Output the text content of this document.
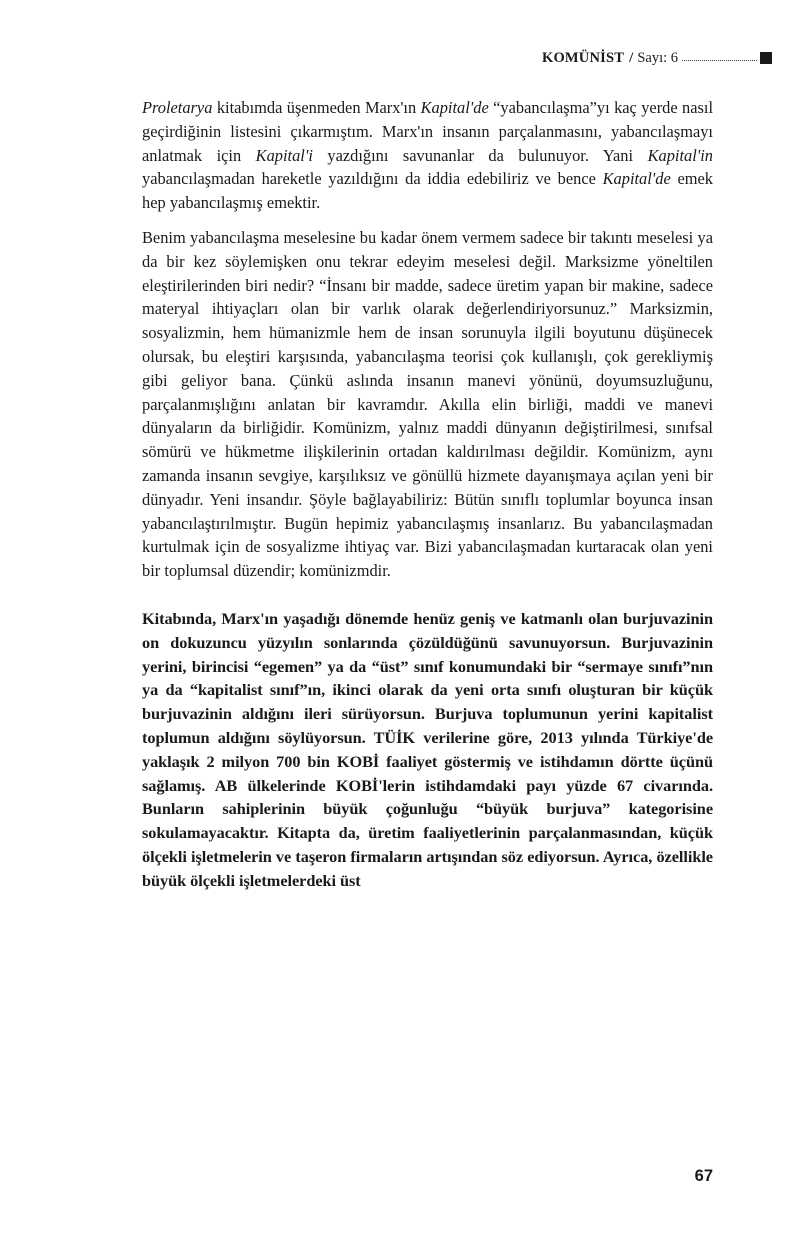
KOMÜNİST / Sayı: 6

Proletarya kitabımda üşenmeden Marx'ın Kapital'de “yabancılaşma”yı kaç yerde nasıl geçirdiğinin listesini çıkarmıştım. Marx'ın insanın parçalanmasını, yabancılaşmayı anlatmak için Kapital'i yazdığını savunanlar da bulunuyor. Yani Kapital'in yabancılaşmadan hareketle yazıldığını da iddia edebiliriz ve bence Kapital'de emek hep yabancılaşmış emektir.

Benim yabancılaşma meselesine bu kadar önem vermem sadece bir takıntı meselesi ya da bir kez söylemişken onu tekrar edeyim meselesi değil. Marksizme yöneltilen eleştirilerinden biri nedir? “İnsanı bir madde, sadece üretim yapan bir makine, sadece materyal ihtiyaçları olan bir varlık olarak değerlendiriyorsunuz.” Marksizmin, sosyalizmin, hem hümanizmle hem de insan sorunuyla ilgili boyutunu düşünecek olursak, bu eleştiri karşısında, yabancılaşma teorisi çok kullanışlı, çok gerekliymiş gibi geliyor bana. Çünkü aslında insanın manevi yönünü, doyumsuzluğunu, parçalanmışlığını anlatan bir kavramdır. Akılla elin birliği, maddi ve manevi dünyaların da birliğidir. Komünizm, yalnız maddi dünyanın değiştirilmesi, sınıfsal sömürü ve hükmetme ilişkilerinin ortadan kaldırılması değildir. Komünizm, aynı zamanda insanın sevgiye, karşılıksız ve gönüllü hizmete dayanışmaya açılan yeni bir dünyadır. Yeni insandır. Şöyle bağlayabiliriz: Bütün sınıflı toplumlar boyunca insan yabancılaştırılmıştır. Bugün hepimiz yabancılaşmış insanlarız. Bu yabancılaşmadan kurtulmak için de sosyalizme ihtiyaç var. Bizi yabancılaşmadan kurtaracak olan yeni bir toplumsal düzendir; komünizmdir.

Kitabında, Marx'ın yaşadığı dönemde henüz geniş ve katmanlı olan burjuvazinin on dokuzuncu yüzyılın sonlarında çözüldüğünü savunuyorsun. Burjuvazinin yerini, birincisi “egemen” ya da “üst” sınıf konumundaki bir “sermaye sınıfı”nın ya da “kapitalist sınıf”ın, ikinci olarak da yeni orta sınıfı oluşturan bir küçük burjuvazinin aldığını ileri sürüyorsun. Burjuva toplumunun yerini kapitalist toplumun aldığını söylüyorsun. TÜİK verilerine göre, 2013 yılında Türkiye'de yaklaşık 2 milyon 700 bin KOBİ faaliyet göstermiş ve istihdamın dörtte üçünü sağlamış. AB ülkelerinde KOBİ'lerin istihdamdaki payı yüzde 67 civarında. Bunların sahiplerinin büyük çoğunluğu “büyük burjuva” kategorisine sokulamayacaktır. Kitapta da, üretim faaliyetlerinin parçalanmasından, küçük ölçekli işletmelerin ve taşeron firmaların artışından söz ediyorsun. Ayrıca, özellikle büyük ölçekli işletmelerdeki üst

67
